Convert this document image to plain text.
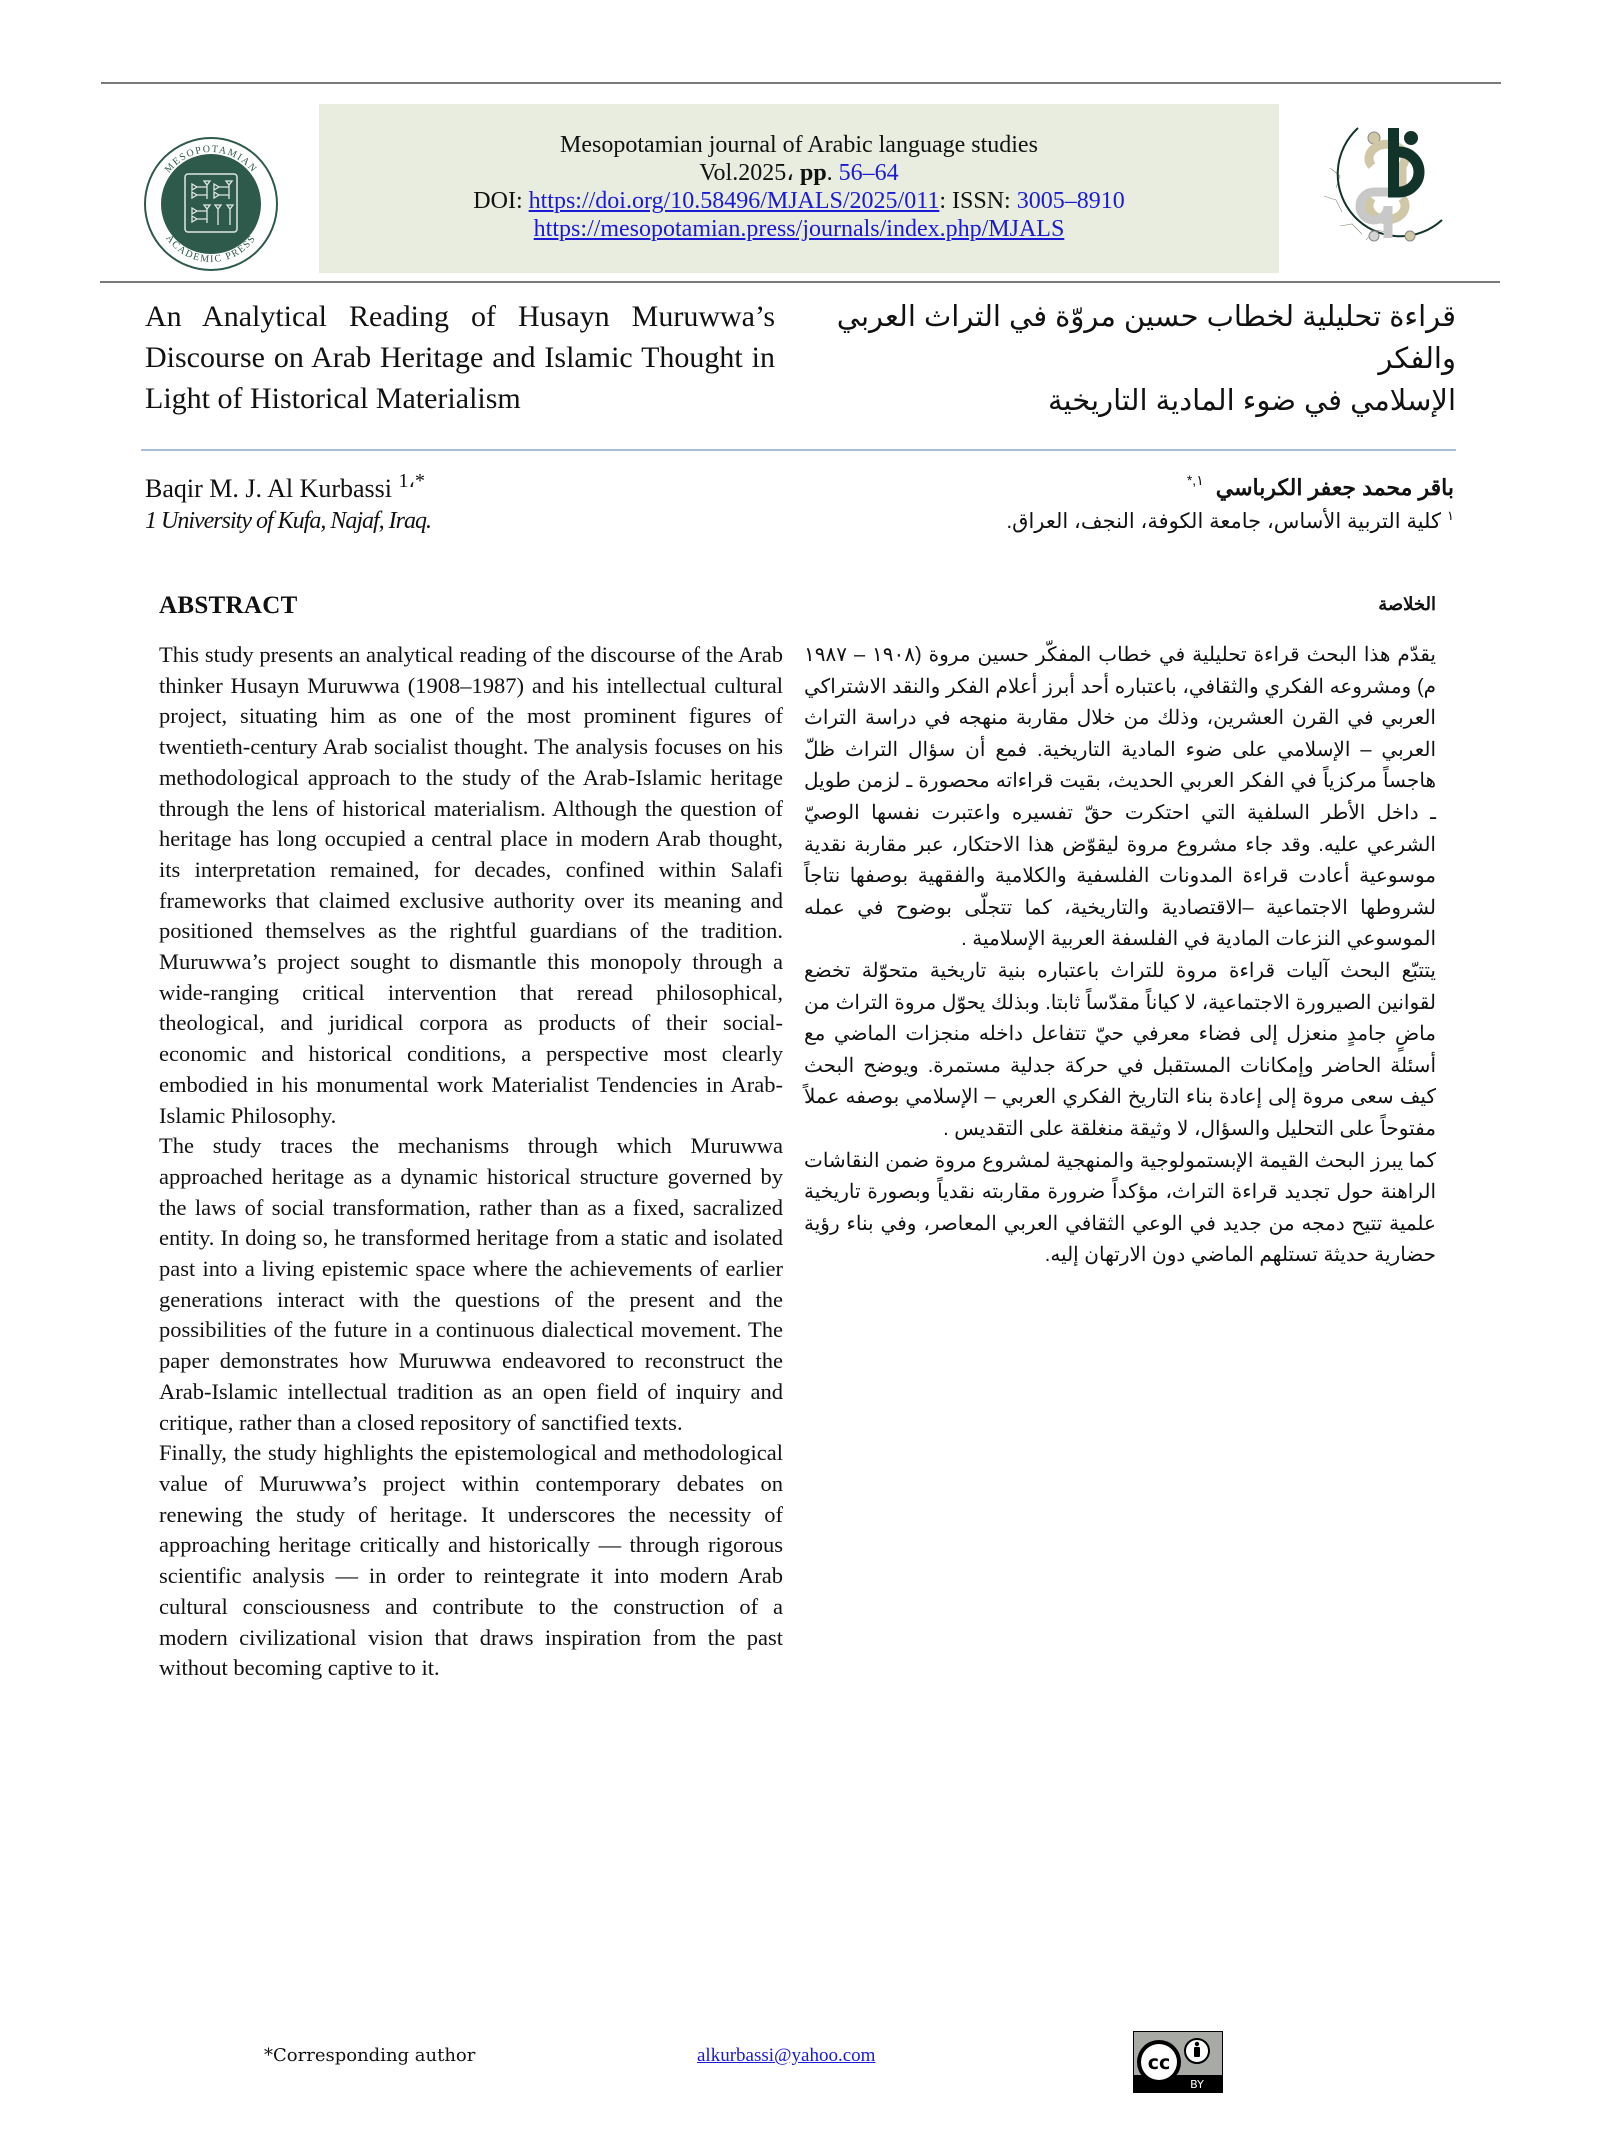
MESOPOTAMIAN
ACADEMIC PRESS
Mesopotamian journal of Arabic language studies
Vol.2025، pp. 56–64
DOI: https://doi.org/10.58496/MJALS/2025/011: ISSN: 3005–8910
https://mesopotamian.press/journals/index.php/MJALS
An Analytical Reading of Husayn Muruwwa’s Discourse on Arab Heritage and Islamic Thought in Light of Historical Materialism
قراءة تحليلية لخطاب حسين مروّة في التراث العربي والفكر
الإسلامي في ضوء المادية التاريخية
Baqir M. J. Al Kurbassi $^{1،*}$
1 University of Kufa, Najaf, Iraq.
باقر محمد جعفر الكرباسي$^{١,*}$
$^١$كلية التربية الأساس، جامعة الكوفة، النجف، العراق.
ABSTRACT

This study presents an analytical reading of the discourse of the Arab thinker Husayn Muruwwa (1908–1987) and his intellectual cultural project, situating him as one of the most prominent figures of twentieth-century Arab socialist thought. The analysis focuses on his methodological approach to the study of the Arab-Islamic heritage through the lens of historical materialism. Although the question of heritage has long occupied a central place in modern Arab thought, its interpretation remained, for decades, confined within Salafi frameworks that claimed exclusive authority over its meaning and positioned themselves as the rightful guardians of the tradition. Muruwwa’s project sought to dismantle this monopoly through a wide-ranging critical intervention that reread philosophical, theological, and juridical corpora as products of their social-economic and historical conditions, a perspective most clearly embodied in his monumental work Materialist Tendencies in Arab-Islamic Philosophy.

The study traces the mechanisms through which Muruwwa approached heritage as a dynamic historical structure governed by the laws of social transformation, rather than as a fixed, sacralized entity. In doing so, he transformed heritage from a static and isolated past into a living epistemic space where the achievements of earlier generations interact with the questions of the present and the possibilities of the future in a continuous dialectical movement. The paper demonstrates how Muruwwa endeavored to reconstruct the Arab-Islamic intellectual tradition as an open field of inquiry and critique, rather than a closed repository of sanctified texts.

Finally, the study highlights the epistemological and methodological value of Muruwwa’s project within contemporary debates on renewing the study of heritage. It underscores the necessity of approaching heritage critically and historically — through rigorous scientific analysis — in order to reintegrate it into modern Arab cultural consciousness and contribute to the construction of a modern civilizational vision that draws inspiration from the past without becoming captive to it.

الخلاصة

يقدّم هذا البحث قراءة تحليلية في خطاب المفكّر حسين مروة (١٩٠٨ – ١٩٨٧ م) ومشروعه الفكري والثقافي، باعتباره أحد أبرز أعلام الفكر والنقد الاشتراكي العربي في القرن العشرين، وذلك من خلال مقاربة منهجه في دراسة التراث العربي – الإسلامي على ضوء المادية التاريخية. فمع أن سؤال التراث ظلّ هاجساً مركزياً في الفكر العربي الحديث، بقيت قراءاته محصورة ـ لزمن طويل ـ داخل الأطر السلفية التي احتكرت حقّ تفسيره واعتبرت نفسها الوصيّ الشرعي عليه. وقد جاء مشروع مروة ليقوّض هذا الاحتكار، عبر مقاربة نقدية موسوعية أعادت قراءة المدونات الفلسفية والكلامية والفقهية بوصفها نتاجاً لشروطها الاجتماعية –الاقتصادية والتاريخية، كما تتجلّى بوضوح في عمله الموسوعي النزعات المادية في الفلسفة العربية الإسلامية .

يتتبّع البحث آليات قراءة مروة للتراث باعتباره بنية تاريخية متحوّلة تخضع لقوانين الصيرورة الاجتماعية، لا كياناً مقدّساً ثابتا. وبذلك يحوّل مروة التراث من ماضٍ جامدٍ منعزل إلى فضاء معرفي حيّ تتفاعل داخله منجزات الماضي مع أسئلة الحاضر وإمكانات المستقبل في حركة جدلية مستمرة. ويوضح البحث كيف سعى مروة إلى إعادة بناء التاريخ الفكري العربي – الإسلامي بوصفه عملاً مفتوحاً على التحليل والسؤال، لا وثيقة منغلقة على التقديس .

كما يبرز البحث القيمة الإبستمولوجية والمنهجية لمشروع مروة ضمن النقاشات الراهنة حول تجديد قراءة التراث، مؤكداً ضرورة مقاربته نقدياً وبصورة تاريخية علمية تتيح دمجه من جديد في الوعي الثقافي العربي المعاصر، وفي بناء رؤية حضارية حديثة تستلهم الماضي دون الارتهان إليه.

*Corresponding author	alkurbassi@yahoo.com	cc
BY
